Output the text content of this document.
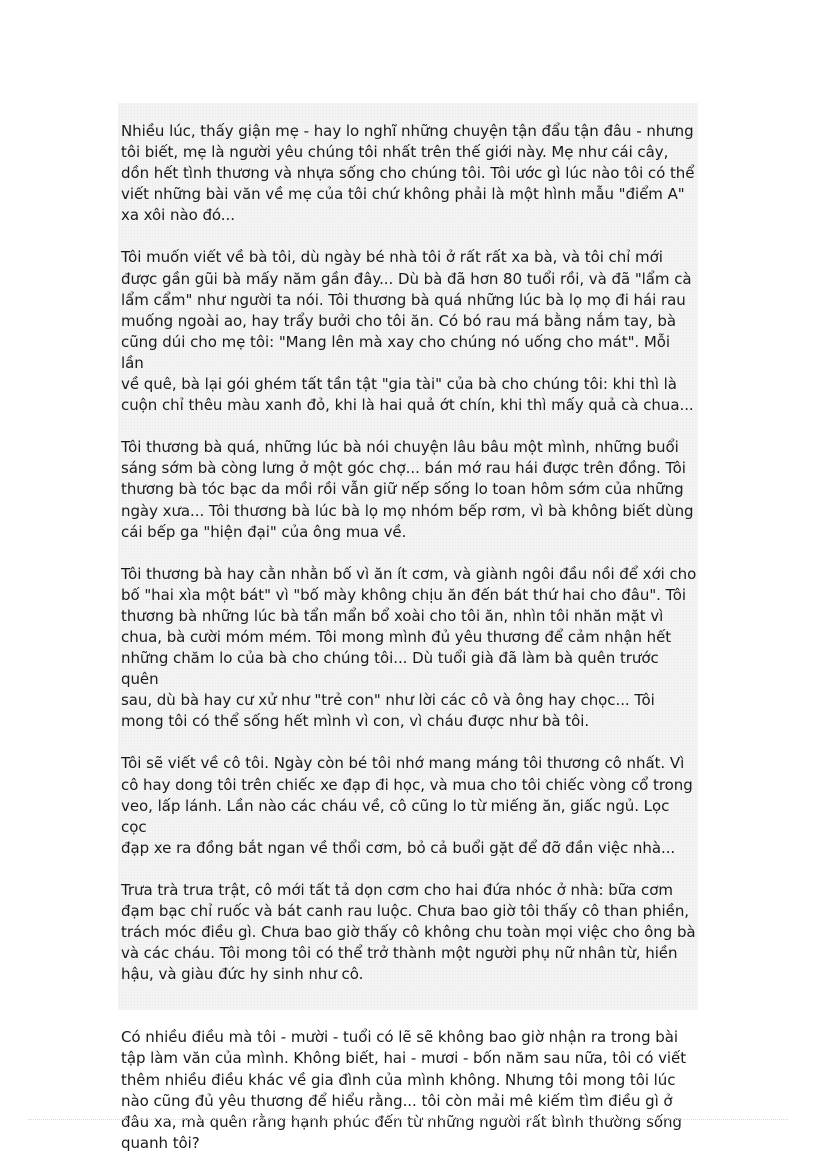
Nhiều lúc, thấy giận mẹ - hay lo nghĩ những chuyện tận đẩu tận đâu - nhưng
tôi biết, mẹ là người yêu chúng tôi nhất trên thế giới này. Mẹ như cái cây,
dồn hết tình thương và nhựa sống cho chúng tôi. Tôi ước gì lúc nào tôi có thể
viết những bài văn về mẹ của tôi chứ không phải là một hình mẫu "điểm A"
xa xôi nào đó...

Tôi muốn viết về bà tôi, dù ngày bé nhà tôi ở rất rất xa bà, và tôi chỉ mới
được gần gũi bà mấy năm gần đây... Dù bà đã hơn 80 tuổi rồi, và đã "lẩm cà
lẩm cẩm" như người ta nói. Tôi thương bà quá những lúc bà lọ mọ đi hái rau
muống ngoài ao, hay trẩy bưởi cho tôi ăn. Có bó rau má bằng nắm tay, bà
cũng dúi cho mẹ tôi: "Mang lên mà xay cho chúng nó uống cho mát". Mỗi lần
về quê, bà lại gói ghém tất tần tật "gia tài" của bà cho chúng tôi: khi thì là
cuộn chỉ thêu màu xanh đỏ, khi là hai quả ớt chín, khi thì mấy quả cà chua...

Tôi thương bà quá, những lúc bà nói chuyện lâu bâu một mình, những buổi
sáng sớm bà còng lưng ở một góc chợ... bán mớ rau hái được trên đồng. Tôi
thương bà tóc bạc da mồi rồi vẫn giữ nếp sống lo toan hôm sớm của những
ngày xưa... Tôi thương bà lúc bà lọ mọ nhóm bếp rơm, vì bà không biết dùng
cái bếp ga "hiện đại" của ông mua về.

Tôi thương bà hay cằn nhằn bố vì ăn ít cơm, và giành ngôi đầu nồi để xới cho
bố "hai xìa một bát" vì "bố mày không chịu ăn đến bát thứ hai cho đâu". Tôi
thương bà những lúc bà tẩn mẩn bổ xoài cho tôi ăn, nhìn tôi nhăn mặt vì
chua, bà cười móm mém. Tôi mong mình đủ yêu thương để cảm nhận hết
những chăm lo của bà cho chúng tôi... Dù tuổi già đã làm bà quên trước quên
sau, dù bà hay cư xử như "trẻ con" như lời các cô và ông hay chọc... Tôi
mong tôi có thể sống hết mình vì con, vì cháu được như bà tôi.

Tôi sẽ viết về cô tôi. Ngày còn bé tôi nhớ mang máng tôi thương cô nhất. Vì
cô hay dong tôi trên chiếc xe đạp đi học, và mua cho tôi chiếc vòng cổ trong
veo, lấp lánh. Lần nào các cháu về, cô cũng lo từ miếng ăn, giấc ngủ. Lọc cọc
đạp xe ra đồng bắt ngan về thổi cơm, bỏ cả buổi gặt để đỡ đần việc nhà...

Trưa trà trưa trật, cô mới tất tả dọn cơm cho hai đứa nhóc ở nhà: bữa cơm
đạm bạc chỉ ruốc và bát canh rau luộc. Chưa bao giờ tôi thấy cô than phiền,
trách móc điều gì. Chưa bao giờ thấy cô không chu toàn mọi việc cho ông bà
và các cháu. Tôi mong tôi có thể trở thành một người phụ nữ nhân từ, hiền
hậu, và giàu đức hy sinh như cô.

Có nhiều điều mà tôi - mười - tuổi có lẽ sẽ không bao giờ nhận ra trong bài
tập làm văn của mình. Không biết, hai - mươi - bốn năm sau nữa, tôi có viết
thêm nhiều điều khác về gia đình của mình không. Nhưng tôi mong tôi lúc
nào cũng đủ yêu thương để hiểu rằng... tôi còn mải mê kiếm tìm điều gì ở
đâu xa, mà quên rằng hạnh phúc đến từ những người rất bình thường sống
quanh tôi?
